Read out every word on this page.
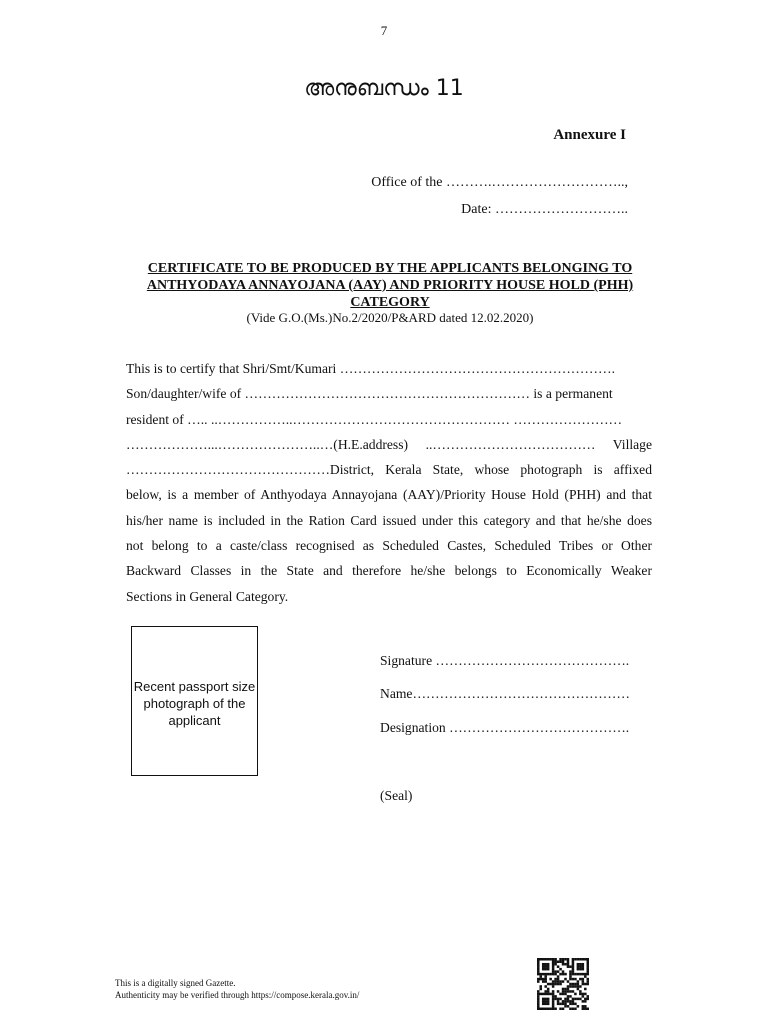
7
അനുബന്ധം 11
Annexure I
Office of the ……….………………………..,
Date: ………………………..
CERTIFICATE TO BE PRODUCED BY THE APPLICANTS BELONGING TO
ANTHYODAYA ANNAYOJANA (AAY) AND PRIORITY HOUSE HOLD (PHH)
CATEGORY
(Vide G.O.(Ms.)No.2/2020/P&ARD dated 12.02.2020)
This is to certify that Shri/Smt/Kumari …………………………………………………….
Son/daughter/wife of ……………………………………………………… is a permanent
resident of ….. ..……………..………………………………………… ……………………
………………...…………………..…(H.E.address) ..……………………………… Village
………………………………………District, Kerala State, whose photograph is affixed
below, is a member of Anthyodaya Annayojana (AAY)/Priority House Hold (PHH) and that
his/her name is included in the Ration Card issued under this category and that he/she does
not belong to a caste/class recognised as Scheduled Castes, Scheduled Tribes or Other
Backward Classes in the State and therefore he/she belongs to Economically Weaker
Sections in General Category.
Recent passport size photograph of the applicant
Signature …………………………………….
Name…………………………………………
Designation ………………………………….
(Seal)
This is a digitally signed Gazette.
Authenticity may be verified through https://compose.kerala.gov.in/
